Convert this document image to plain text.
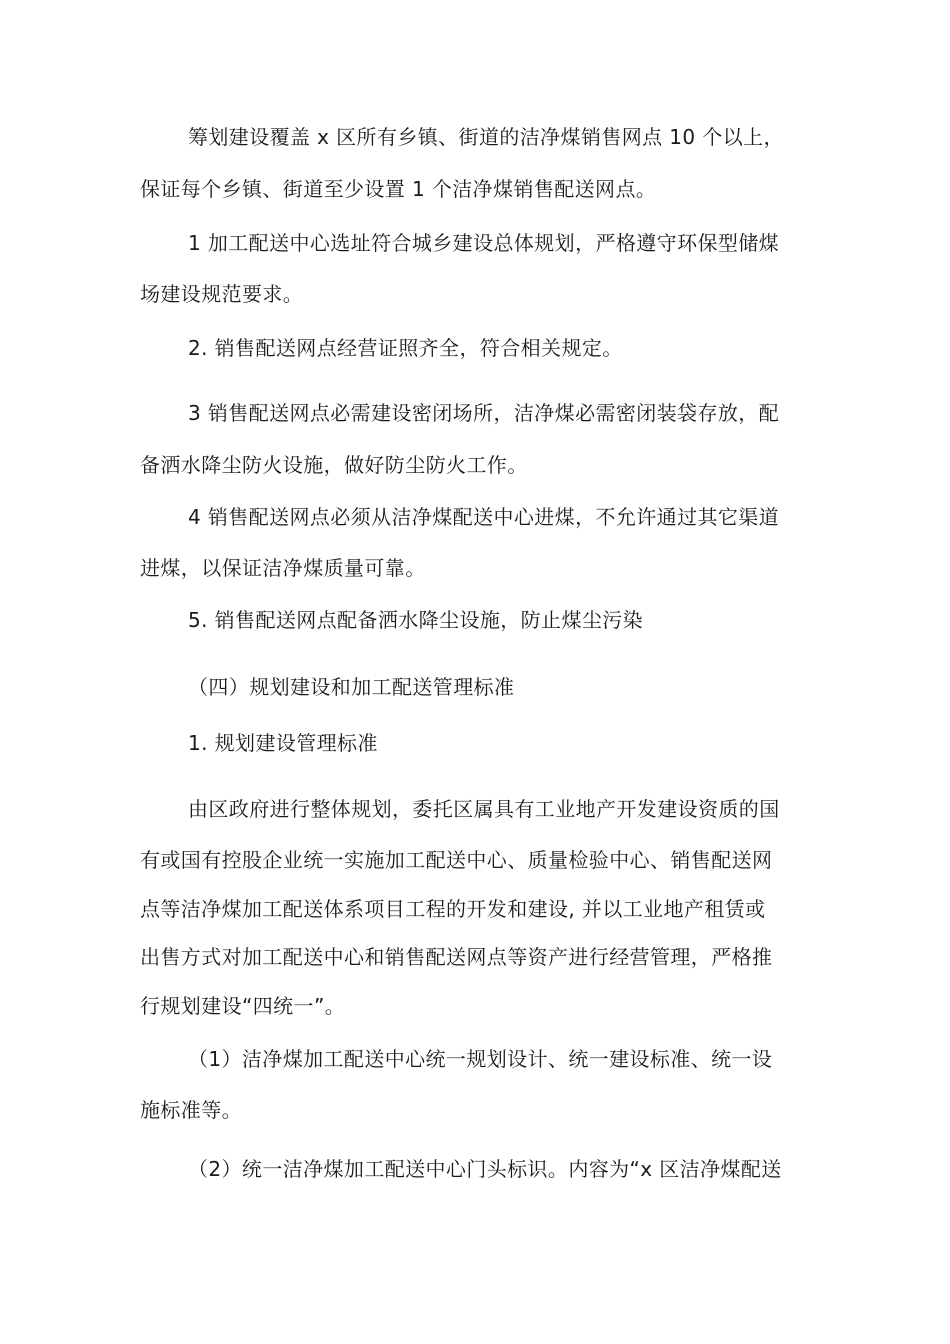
筹划建设覆盖 x 区所有乡镇、街道的洁净煤销售网点 10 个以上，
保证每个乡镇、街道至少设置 1 个洁净煤销售配送网点。
1 加工配送中心选址符合城乡建设总体规划，严格遵守环保型储煤
场建设规范要求。
2. 销售配送网点经营证照齐全，符合相关规定。
3 销售配送网点必需建设密闭场所，洁净煤必需密闭装袋存放，配
备洒水降尘防火设施，做好防尘防火工作。
4 销售配送网点必须从洁净煤配送中心进煤，不允许通过其它渠道
进煤，以保证洁净煤质量可靠。
5. 销售配送网点配备洒水降尘设施，防止煤尘污染
（四）规划建设和加工配送管理标准
1. 规划建设管理标准
由区政府进行整体规划，委托区属具有工业地产开发建设资质的国
有或国有控股企业统一实施加工配送中心、质量检验中心、销售配送网
点等洁净煤加工配送体系项目工程的开发和建设, 并以工业地产租赁或
出售方式对加工配送中心和销售配送网点等资产进行经营管理，严格推
行规划建设“四统一”。
（1）洁净煤加工配送中心统一规划设计、统一建设标准、统一设
施标准等。
（2）统一洁净煤加工配送中心门头标识。内容为“x 区洁净煤配送
